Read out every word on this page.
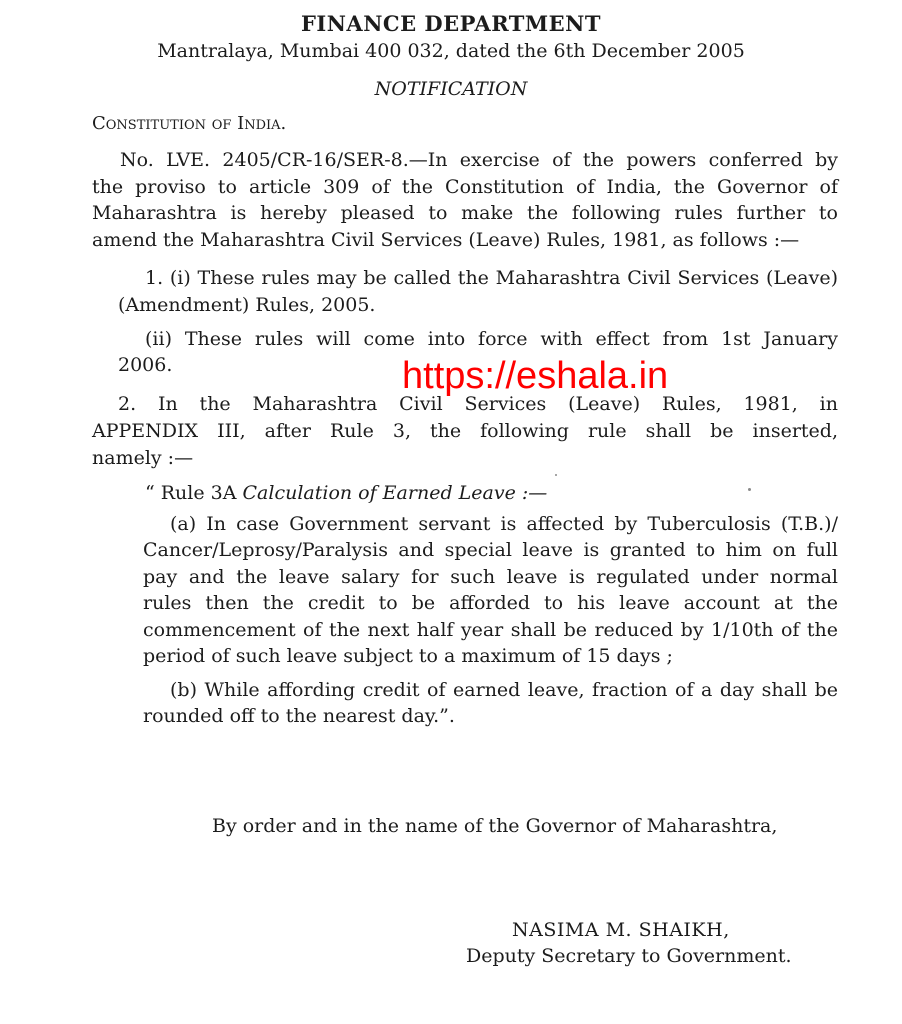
FINANCE DEPARTMENT
Mantralaya, Mumbai 400 032, dated the 6th December 2005
NOTIFICATION
Constitution of India.
No. LVE. 2405/CR-16/SER-8.—In exercise of the powers conferred by
the proviso to article 309 of the Constitution of India, the Governor of
Maharashtra is hereby pleased to make the following rules further to
amend the Maharashtra Civil Services (Leave) Rules, 1981, as follows :—
1. (i) These rules may be called the Maharashtra Civil Services (Leave)
(Amendment) Rules, 2005.
(ii) These rules will come into force with effect from 1st January
2006.	https://eshala.in
2. In the Maharashtra Civil Services (Leave) Rules, 1981, in
APPENDIX III, after Rule 3, the following rule shall be inserted,
namely :—
“ Rule 3A Calculation of Earned Leave :—
(a) In case Government servant is affected by Tuberculosis (T.B.)/
Cancer/Leprosy/Paralysis and special leave is granted to him on full
pay and the leave salary for such leave is regulated under normal
rules then the credit to be afforded to his leave account at the
commencement of the next half year shall be reduced by 1/10th of the
period of such leave subject to a maximum of 15 days ;
(b) While affording credit of earned leave, fraction of a day shall be
rounded off to the nearest day.”.
By order and in the name of the Governor of Maharashtra,
NASIMA M. SHAIKH,
Deputy Secretary to Government.
